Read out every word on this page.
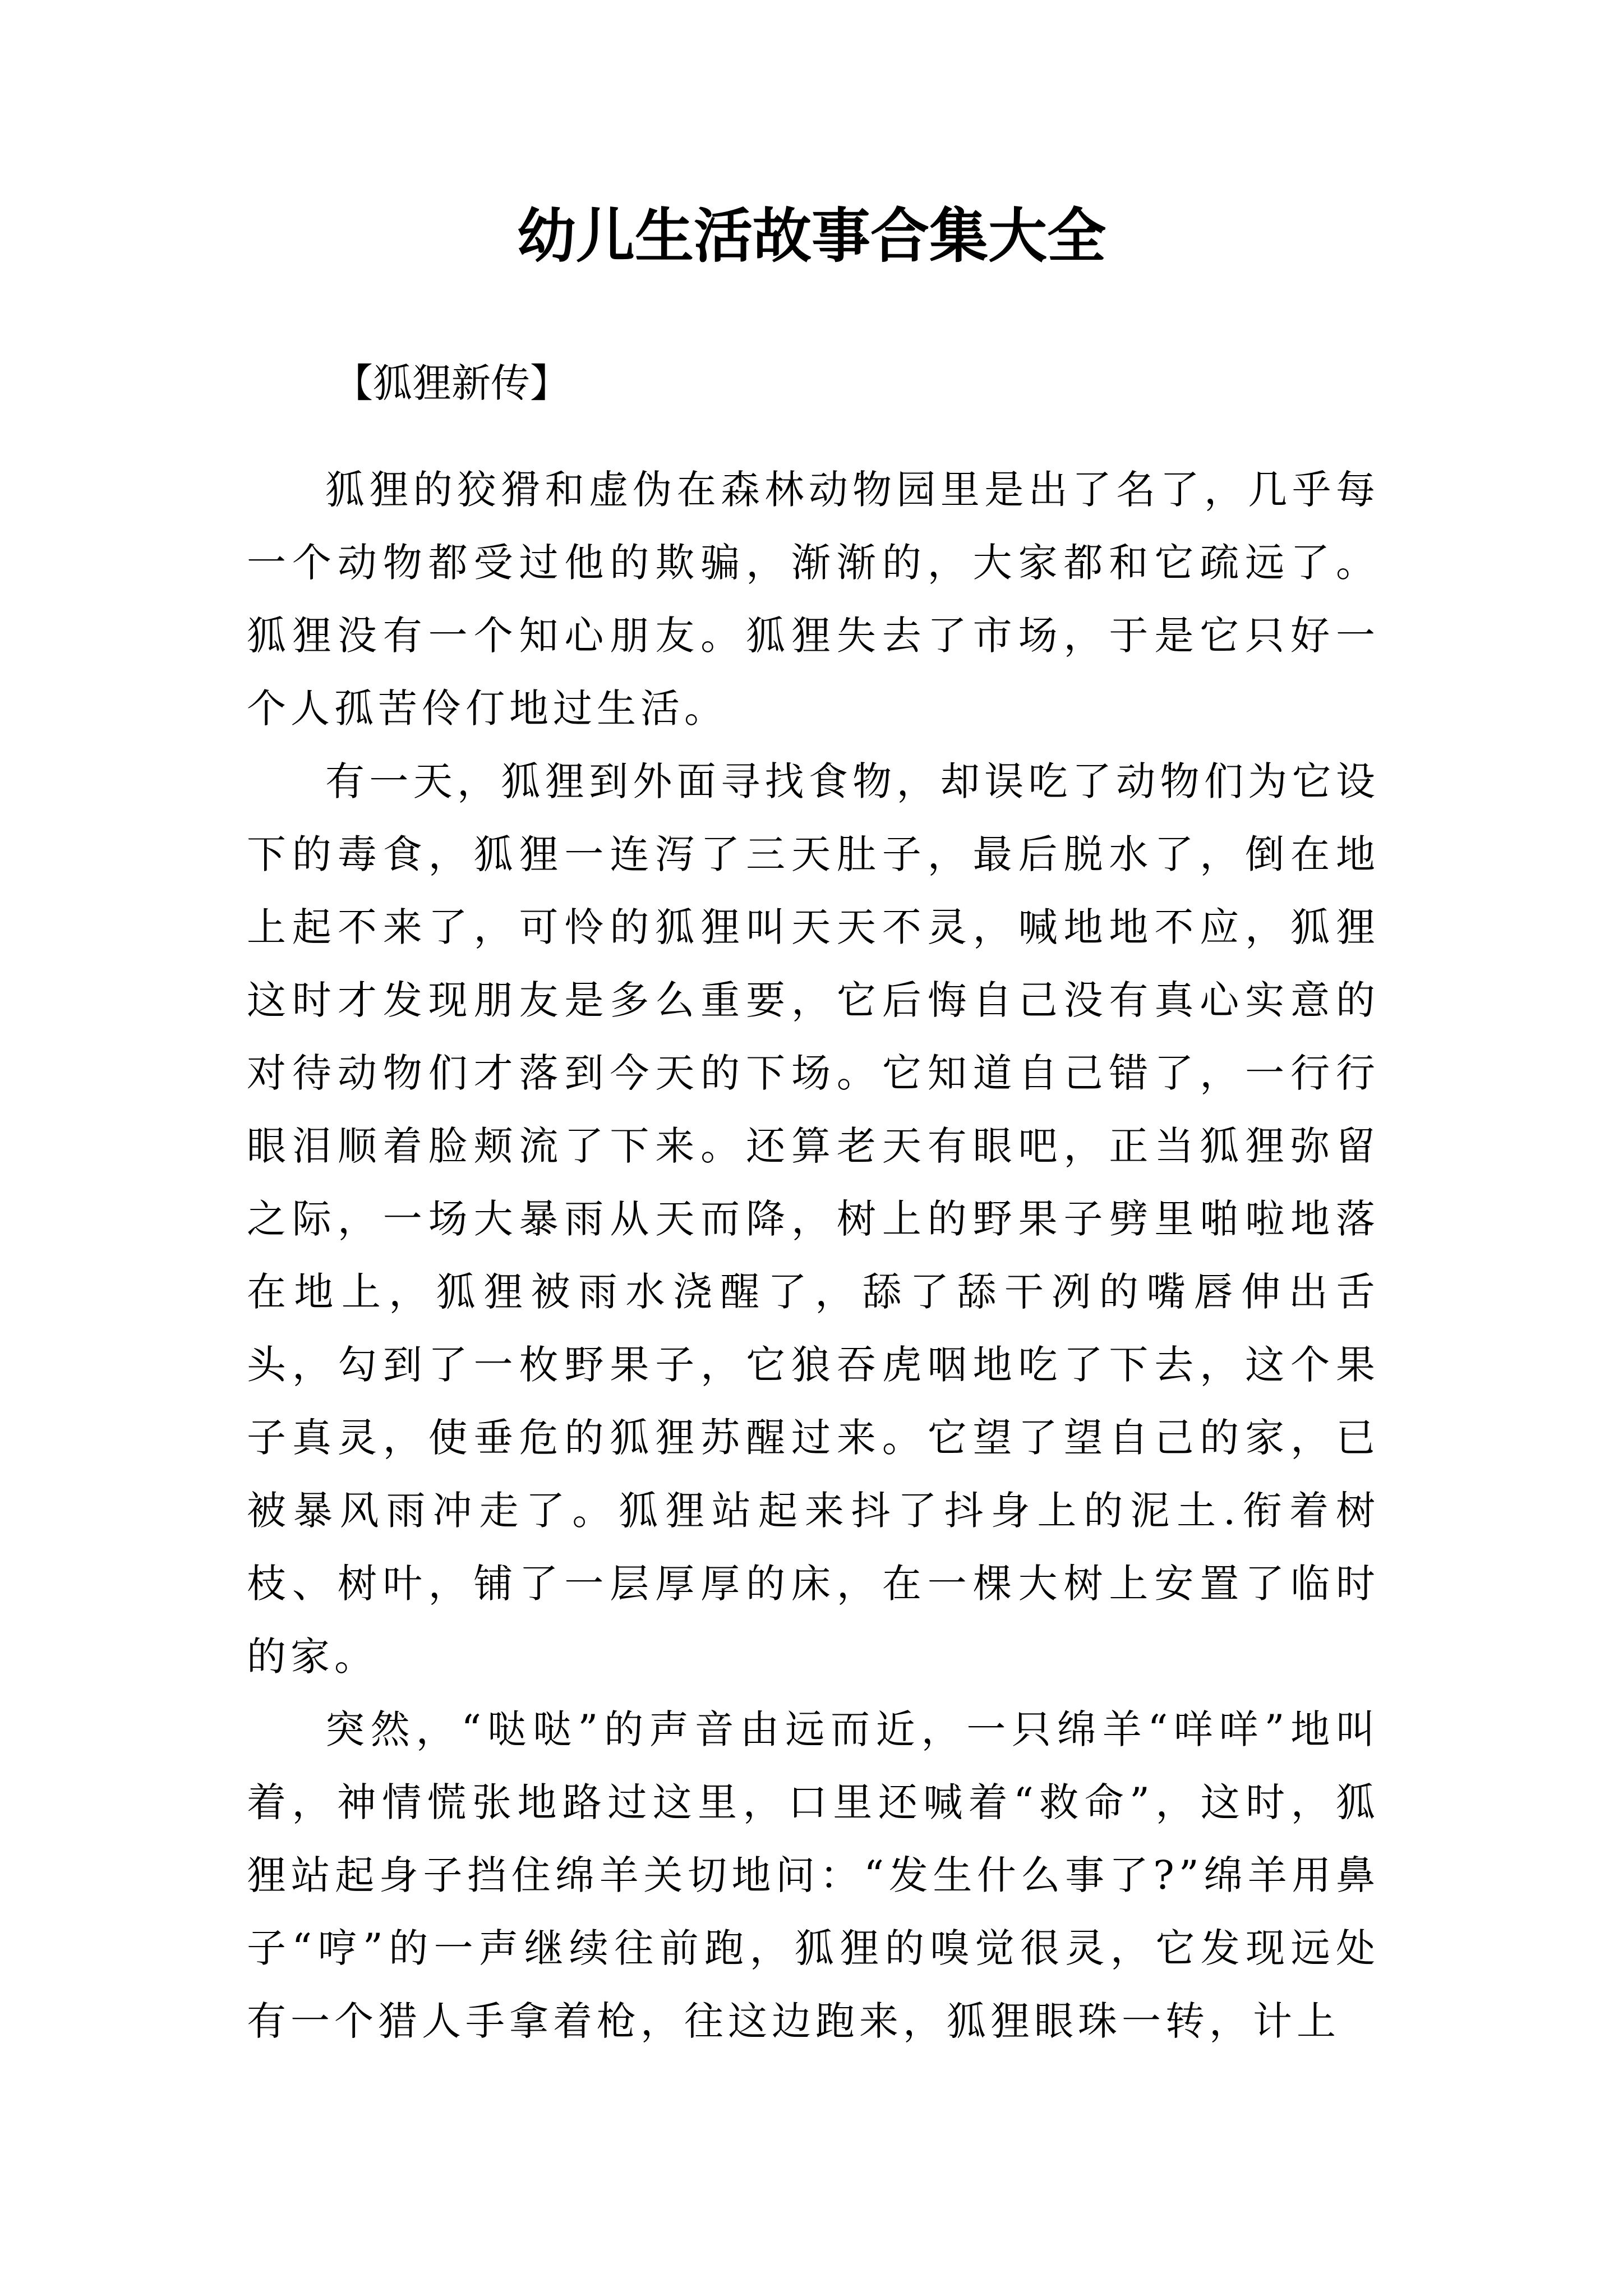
幼儿生活故事合集大全

【狐狸新传】

狐狸的狡猾和虚伪在森林动物园里是出了名了，几乎每一个动物都受过他的欺骗，渐渐的，大家都和它疏远了。狐狸没有一个知心朋友。狐狸失去了市场，于是它只好一个人孤苦伶仃地过生活。

有一天，狐狸到外面寻找食物，却误吃了动物们为它设下的毒食，狐狸一连泻了三天肚子，最后脱水了，倒在地上起不来了，可怜的狐狸叫天天不灵，喊地地不应，狐狸这时才发现朋友是多么重要，它后悔自己没有真心实意的对待动物们才落到今天的下场。它知道自己错了，一行行眼泪顺着脸颊流了下来。还算老天有眼吧，正当狐狸弥留之际，一场大暴雨从天而降，树上的野果子劈里啪啦地落在地上，狐狸被雨水浇醒了，舔了舔干冽的嘴唇伸出舌头，勾到了一枚野果子，它狼吞虎咽地吃了下去，这个果子真灵，使垂危的狐狸苏醒过来。它望了望自己的家，已被暴风雨冲走了。狐狸站起来抖了抖身上的泥土.衔着树枝、树叶，铺了一层厚厚的床，在一棵大树上安置了临时的家。

突然，“哒哒”的声音由远而近，一只绵羊“咩咩”地叫着，神情慌张地路过这里，口里还喊着“救命”，这时，狐狸站起身子挡住绵羊关切地问：“发生什么事了?”绵羊用鼻子“哼”的一声继续往前跑，狐狸的嗅觉很灵，它发现远处有一个猎人手拿着枪，往这边跑来，狐狸眼珠一转，计上
